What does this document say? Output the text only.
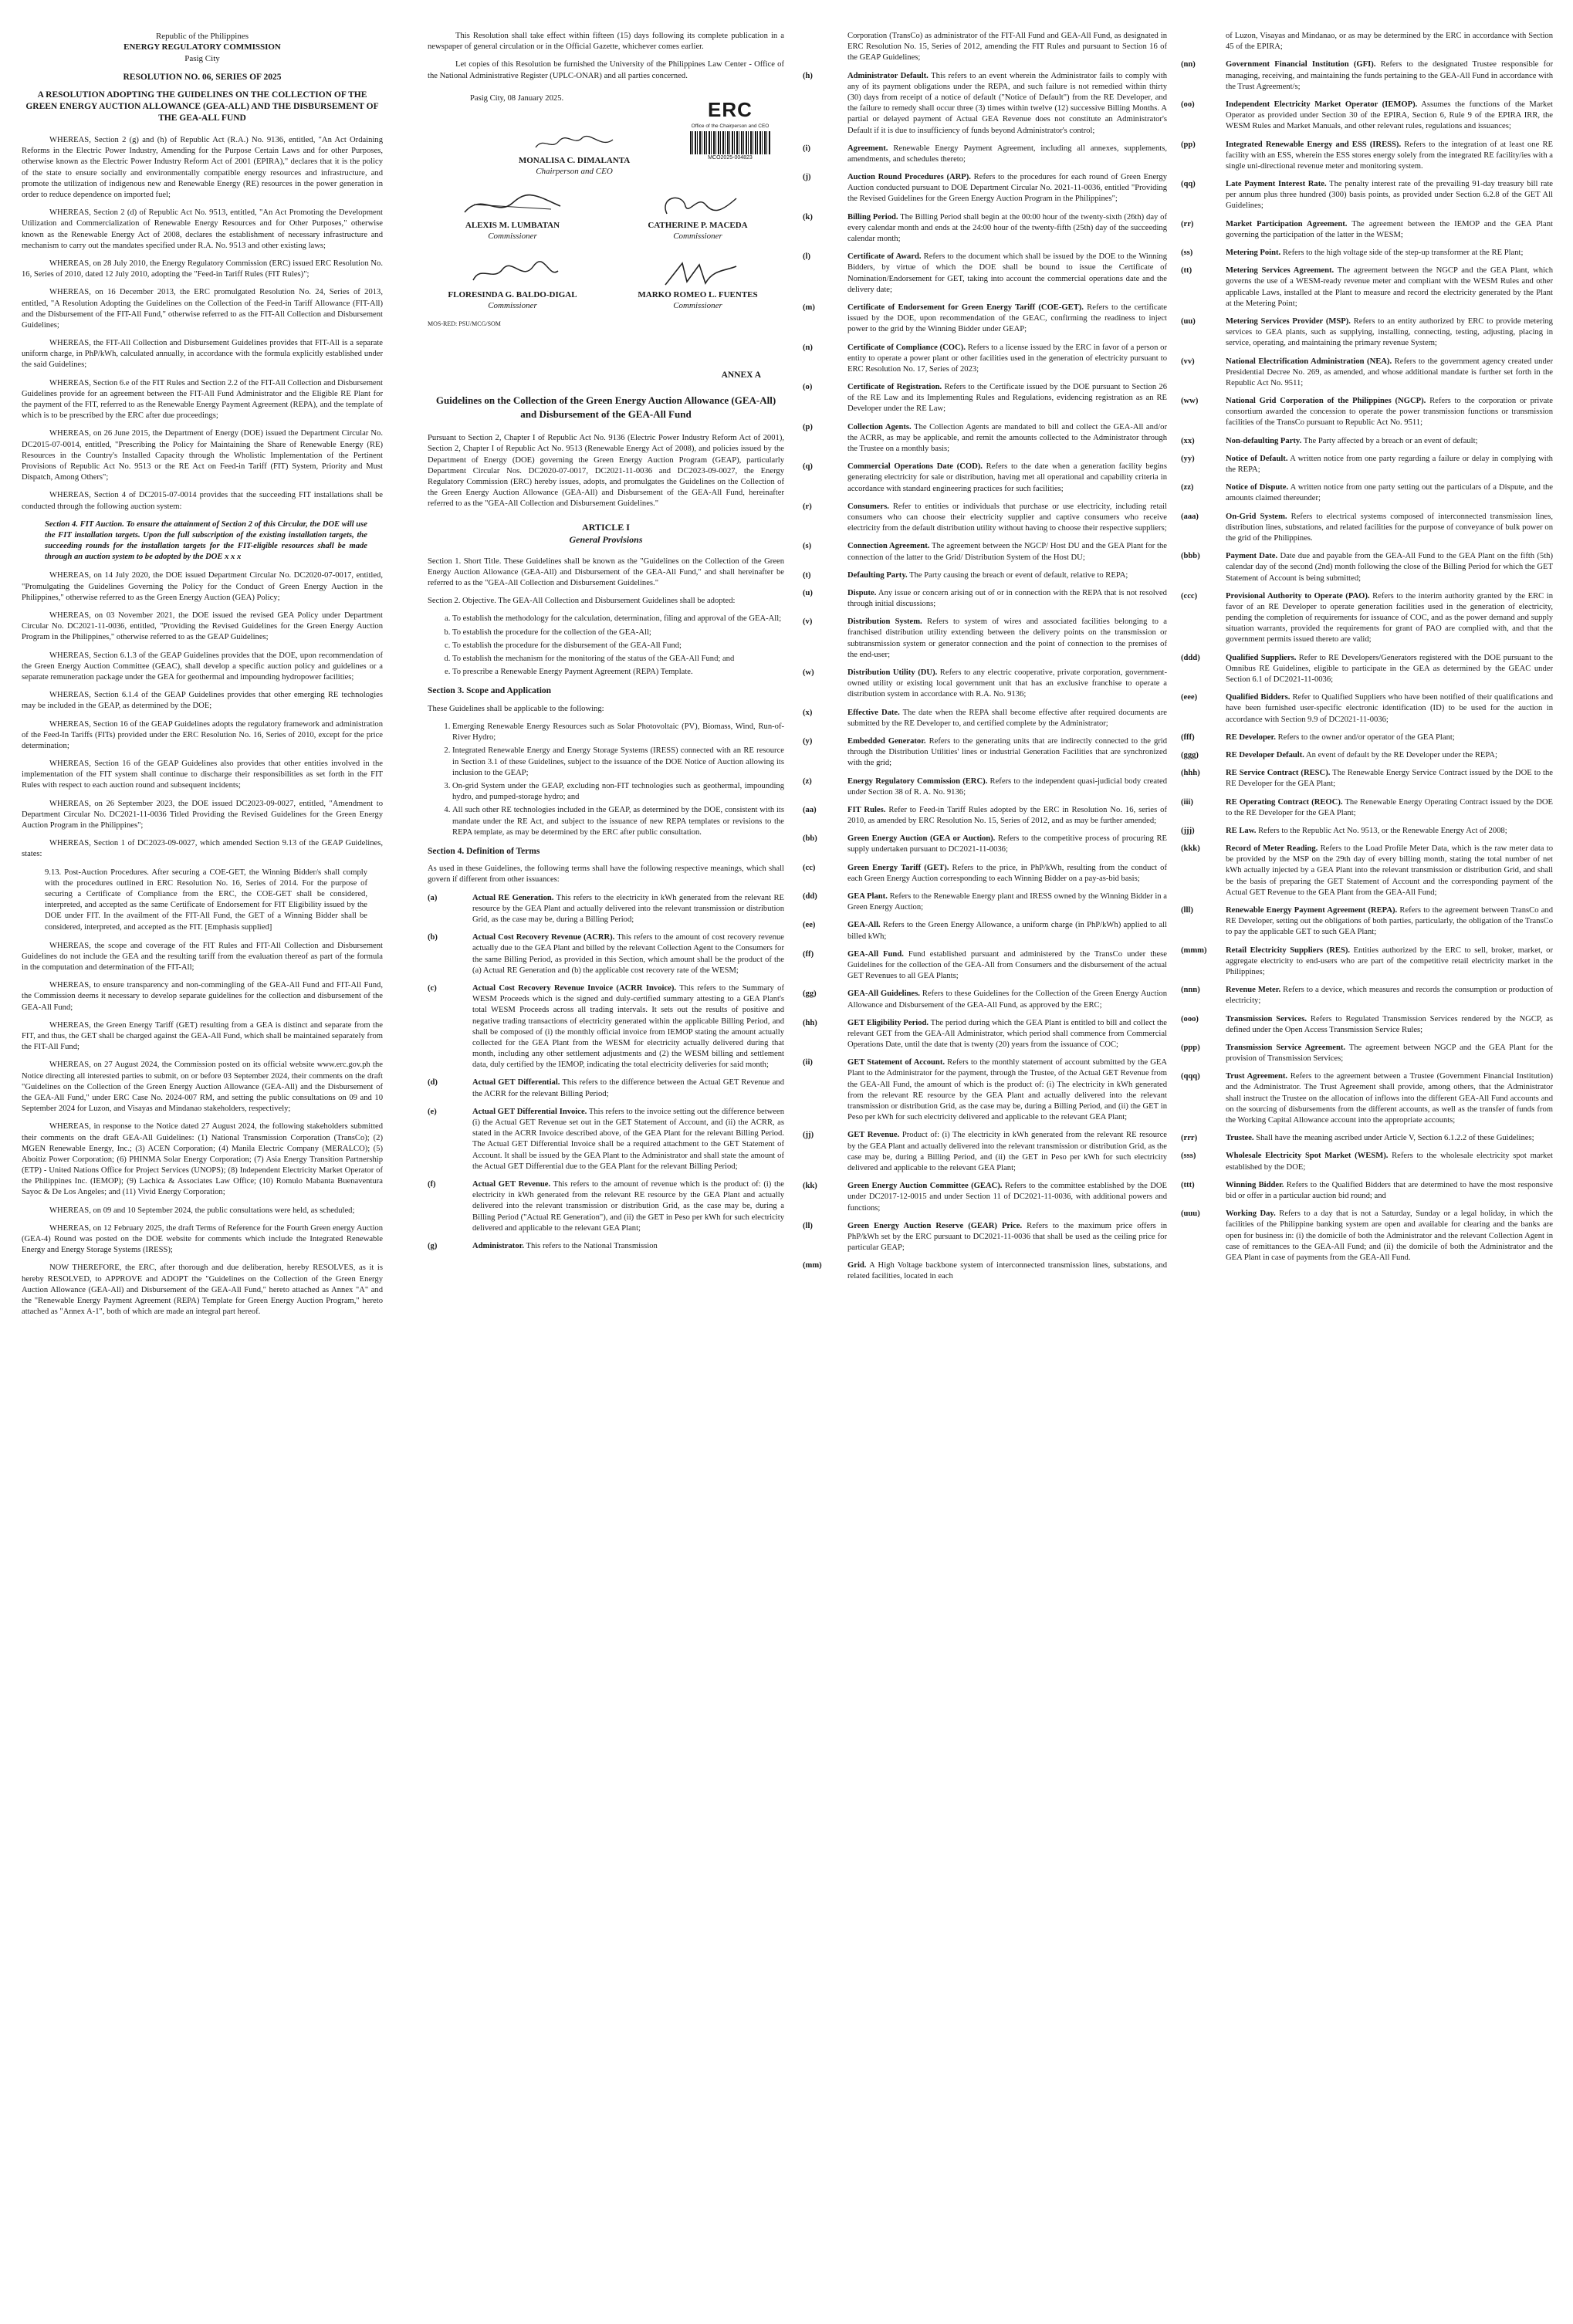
Republic of the Philippines
ENERGY REGULATORY COMMISSION
Pasig City
RESOLUTION NO. 06, SERIES OF 2025
A RESOLUTION ADOPTING THE GUIDELINES ON THE COLLECTION OF THE GREEN ENERGY AUCTION ALLOWANCE (GEA-ALL) AND THE DISBURSEMENT OF THE GEA-ALL FUND

WHEREAS, Section 2 (g) and (h) of Republic Act (R.A.) No. 9136, entitled, "An Act Ordaining Reforms in the Electric Power Industry, Amending for the Purpose Certain Laws and for other Purposes, otherwise known as the Electric Power Industry Reform Act of 2001 (EPIRA)," declares that it is the policy of the state to ensure socially and environmentally compatible energy resources and infrastructure, and promote the utilization of indigenous new and Renewable Energy (RE) resources in the power generation in order to reduce dependence on imported fuel;

WHEREAS, Section 2 (d) of Republic Act No. 9513, entitled, "An Act Promoting the Development Utilization and Commercialization of Renewable Energy Resources and for Other Purposes," otherwise known as the Renewable Energy Act of 2008, declares the establishment of necessary infrastructure and mechanism to carry out the mandates specified under R.A. No. 9513 and other existing laws;

WHEREAS, on 28 July 2010, the Energy Regulatory Commission (ERC) issued ERC Resolution No. 16, Series of 2010, dated 12 July 2010, adopting the "Feed-in Tariff Rules (FIT Rules)";

WHEREAS, on 16 December 2013, the ERC promulgated Resolution No. 24, Series of 2013, entitled, "A Resolution Adopting the Guidelines on the Collection of the Feed-in Tariff Allowance (FIT-All) and the Disbursement of the FIT-All Fund," otherwise referred to as the FIT-All Collection and Disbursement Guidelines;

WHEREAS, the FIT-All Collection and Disbursement Guidelines provides that FIT-All is a separate uniform charge, in PhP/kWh, calculated annually, in accordance with the formula explicitly established under the said Guidelines;

WHEREAS, Section 6.e of the FIT Rules and Section 2.2 of the FIT-All Collection and Disbursement Guidelines provide for an agreement between the FIT-All Fund Administrator and the Eligible RE Plant for the payment of the FIT, referred to as the Renewable Energy Payment Agreement (REPA), and the template of which is to be prescribed by the ERC after due proceedings;

WHEREAS, on 26 June 2015, the Department of Energy (DOE) issued the Department Circular No. DC2015-07-0014, entitled, "Prescribing the Policy for Maintaining the Share of Renewable Energy (RE) Resources in the Country's Installed Capacity through the Wholistic Implementation of the Pertinent Provisions of Republic Act No. 9513 or the RE Act on Feed-in Tariff (FIT) System, Priority and Must Dispatch, Among Others";

WHEREAS, Section 4 of DC2015-07-0014 provides that the succeeding FIT installations shall be conducted through the following auction system:

Section 4. FIT Auction. To ensure the attainment of Section 2 of this Circular, the DOE will use the FIT installation targets. Upon the full subscription of the existing installation targets, the succeeding rounds for the installation targets for the FIT-eligible resources shall be made through an auction system to be adopted by the DOE x x x

WHEREAS, on 14 July 2020, the DOE issued Department Circular No. DC2020-07-0017, entitled, "Promulgating the Guidelines Governing the Policy for the Conduct of Green Energy Auction in the Philippines," otherwise referred to as the Green Energy Auction (GEA) Policy;

WHEREAS, on 03 November 2021, the DOE issued the revised GEA Policy under Department Circular No. DC2021-11-0036, entitled, "Providing the Revised Guidelines for the Green Energy Auction Program in the Philippines," otherwise referred to as the GEAP Guidelines;

WHEREAS, Section 6.1.3 of the GEAP Guidelines provides that the DOE, upon recommendation of the Green Energy Auction Committee (GEAC), shall develop a specific auction policy and guidelines or a separate remuneration package under the GEA for geothermal and impounding hydropower facilities;

WHEREAS, Section 6.1.4 of the GEAP Guidelines provides that other emerging RE technologies may be included in the GEAP, as determined by the DOE;

WHEREAS, Section 16 of the GEAP Guidelines adopts the regulatory framework and administration of the Feed-In Tariffs (FITs) provided under the ERC Resolution No. 16, Series of 2010, except for the price determination;

WHEREAS, Section 16 of the GEAP Guidelines also provides that other entities involved in the implementation of the FIT system shall continue to discharge their responsibilities as set forth in the FIT Rules with respect to each auction round and subsequent incidents;

WHEREAS, on 26 September 2023, the DOE issued DC2023-09-0027, entitled, "Amendment to Department Circular No. DC2021-11-0036 Titled Providing the Revised Guidelines for the Green Energy Auction Program in the Philippines";

WHEREAS, Section 1 of DC2023-09-0027, which amended Section 9.13 of the GEAP Guidelines, states:

9.13. Post-Auction Procedures. After securing a COE-GET, the Winning Bidder/s shall comply with the procedures outlined in ERC Resolution No. 16, Series of 2014. For the purpose of securing a Certificate of Compliance from the ERC, the COE-GET shall be considered, interpreted, and accepted as the same Certificate of Endorsement for FIT Eligibility issued by the DOE under FIT. In the availment of the FIT-All Fund, the GET of a Winning Bidder shall be considered, interpreted, and accepted as the FIT. [Emphasis supplied]

WHEREAS, the scope and coverage of the FIT Rules and FIT-All Collection and Disbursement Guidelines do not include the GEA and the resulting tariff from the evaluation thereof as part of the formula in the computation and determination of the FIT-All;

WHEREAS, to ensure transparency and non-commingling of the GEA-All Fund and FIT-All Fund, the Commission deems it necessary to develop separate guidelines for the collection and disbursement of the GEA-All Fund;

WHEREAS, the Green Energy Tariff (GET) resulting from a GEA is distinct and separate from the FIT, and thus, the GET shall be charged against the GEA-All Fund, which shall be maintained separately from the FIT-All Fund;

WHEREAS, on 27 August 2024, the Commission posted on its official website www.erc.gov.ph the Notice directing all interested parties to submit, on or before 03 September 2024, their comments on the draft "Guidelines on the Collection of the Green Energy Auction Allowance (GEA-All) and the Disbursement of the GEA-All Fund," under ERC Case No. 2024-007 RM, and setting the public consultations on 09 and 10 September 2024 for Luzon, and Visayas and Mindanao stakeholders, respectively;

WHEREAS, in response to the Notice dated 27 August 2024, the following stakeholders submitted their comments on the draft GEA-All Guidelines: (1) National Transmission Corporation (TransCo); (2) MGEN Renewable Energy, Inc.; (3) ACEN Corporation; (4) Manila Electric Company (MERALCO); (5) Aboitiz Power Corporation; (6) PHINMA Solar Energy Corporation; (7) Asia Energy Transition Partnership (ETP) - United Nations Office for Project Services (UNOPS); (8) Independent Electricity Market Operator of the Philippines Inc. (IEMOP); (9) Lachica & Associates Law Office; (10) Romulo Mabanta Buenaventura Sayoc & De Los Angeles; and (11) Vivid Energy Corporation;

WHEREAS, on 09 and 10 September 2024, the public consultations were held, as scheduled;

WHEREAS, on 12 February 2025, the draft Terms of Reference for the Fourth Green energy Auction (GEA-4) Round was posted on the DOE website for comments which include the Integrated Renewable Energy and Energy Storage Systems (IRESS);

NOW THEREFORE, the ERC, after thorough and due deliberation, hereby RESOLVES, as it is hereby RESOLVED, to APPROVE and ADOPT the "Guidelines on the Collection of the Green Energy Auction Allowance (GEA-All) and Disbursement of the GEA-All Fund," hereto attached as Annex "A" and the "Renewable Energy Payment Agreement (REPA) Template for Green Energy Auction Program," hereto attached as "Annex A-1", both of which are made an integral part hereof.

This Resolution shall take effect within fifteen (15) days following its complete publication in a newspaper of general circulation or in the Official Gazette, whichever comes earlier.

Let copies of this Resolution be furnished the University of the Philippines Law Center - Office of the National Administrative Register (UPLC-ONAR) and all parties concerned.

Pasig City, 08 January 2025.	ERC
Office of the Chairperson and CEO
MCO2025-004823
MONALISA C. DIMALANTA
Chairperson and CEO
ALEXIS M. LUMBATAN
Commissioner
CATHERINE P. MACEDA
Commissioner
FLORESINDA G. BALDO-DIGAL
Commissioner
MARKO ROMEO L. FUENTES
Commissioner
MOS-RED: PSU/MCG/SOM
ANNEX A
Guidelines on the Collection of the Green Energy Auction Allowance (GEA-All) and Disbursement of the GEA-All Fund

Pursuant to Section 2, Chapter I of Republic Act No. 9136 (Electric Power Industry Reform Act of 2001), Section 2, Chapter I of Republic Act No. 9513 (Renewable Energy Act of 2008), and policies issued by the Department of Energy (DOE) governing the Green Energy Auction Program (GEAP), particularly Department Circular Nos. DC2020-07-0017, DC2021-11-0036 and DC2023-09-0027, the Energy Regulatory Commission (ERC) hereby issues, adopts, and promulgates the Guidelines on the Collection of the Green Energy Auction Allowance (GEA-All) and Disbursement of the GEA-All Fund, hereinafter referred to as the "GEA-All Collection and Disbursement Guidelines."

ARTICLE I
General Provisions

Section 1. Short Title. These Guidelines shall be known as the "Guidelines on the Collection of the Green Energy Auction Allowance (GEA-All) and Disbursement of the GEA-All Fund," and shall hereinafter be referred to as the "GEA-All Collection and Disbursement Guidelines."

Section 2. Objective. The GEA-All Collection and Disbursement Guidelines shall be adopted:

a. To establish the methodology for the calculation, determination, filing and approval of the GEA-All;
b. To establish the procedure for the collection of the GEA-All;
c. To establish the procedure for the disbursement of the GEA-All Fund;
d. To establish the mechanism for the monitoring of the status of the GEA-All Fund; and
e. To prescribe a Renewable Energy Payment Agreement (REPA) Template.
Section 3. Scope and Application

These Guidelines shall be applicable to the following:

1. Emerging Renewable Energy Resources such as Solar Photovoltaic (PV), Biomass, Wind, Run-of-River Hydro;
2. Integrated Renewable Energy and Energy Storage Systems (IRESS) connected with an RE resource in Section 3.1 of these Guidelines, subject to the issuance of the DOE Notice of Auction allowing its inclusion to the GEAP;
3. On-grid System under the GEAP, excluding non-FIT technologies such as geothermal, impounding hydro, and pumped-storage hydro; and
4. All such other RE technologies included in the GEAP, as determined by the DOE, consistent with its mandate under the RE Act, and subject to the issuance of new REPA templates or revisions to the REPA template, as may be determined by the ERC after public consultation.
Section 4. Definition of Terms

As used in these Guidelines, the following terms shall have the following respective meanings, which shall govern if different from other issuances:

(a)	Actual RE Generation. This refers to the electricity in kWh generated from the relevant RE resource by the GEA Plant and actually delivered into the relevant transmission or distribution Grid, as the case may be, during a Billing Period;
(b)	Actual Cost Recovery Revenue (ACRR). This refers to the amount of cost recovery revenue actually due to the GEA Plant and billed by the relevant Collection Agent to the Consumers for the same Billing Period, as provided in this Section, which amount shall be the product of the (a) Actual RE Generation and (b) the applicable cost recovery rate of the WESM;
(c)	Actual Cost Recovery Revenue Invoice (ACRR Invoice). This refers to the Summary of WESM Proceeds which is the signed and duly-certified summary attesting to a GEA Plant's total WESM Proceeds across all trading intervals. It sets out the results of positive and negative trading transactions of electricity generated within the applicable Billing Period, and shall be composed of (i) the monthly official invoice from IEMOP stating the amount actually collected for the GEA Plant from the WESM for electricity actually delivered during that month, including any other settlement adjustments and (2) the WESM billing and settlement data, duly certified by the IEMOP, indicating the total electricity deliveries for said month;
(d)	Actual GET Differential. This refers to the difference between the Actual GET Revenue and the ACRR for the relevant Billing Period;
(e)	Actual GET Differential Invoice. This refers to the invoice setting out the difference between (i) the Actual GET Revenue set out in the GET Statement of Account, and (ii) the ACRR, as stated in the ACRR Invoice described above, of the GEA Plant for the relevant Billing Period. The Actual GET Differential Invoice shall be a required attachment to the GET Statement of Account. It shall be issued by the GEA Plant to the Administrator and shall state the amount of the Actual GET Differential due to the GEA Plant for the relevant Billing Period;
(f)	Actual GET Revenue. This refers to the amount of revenue which is the product of: (i) the electricity in kWh generated from the relevant RE resource by the GEA Plant and actually delivered into the relevant transmission or distribution Grid, as the case may be, during a Billing Period ("Actual RE Generation"), and (ii) the GET in Peso per kWh for such electricity delivered and applicable to the relevant GEA Plant;
(g)	Administrator. This refers to the National Transmission

Corporation (TransCo) as administrator of the FIT-All Fund and GEA-All Fund, as designated in ERC Resolution No. 15, Series of 2012, amending the FIT Rules and pursuant to Section 16 of the GEAP Guidelines;

(h)	Administrator Default. This refers to an event wherein the Administrator fails to comply with any of its payment obligations under the REPA, and such failure is not remedied within thirty (30) days from receipt of a notice of default ("Notice of Default") from the RE Developer, and the failure to remedy shall occur three (3) times within twelve (12) successive Billing Months. A partial or delayed payment of Actual GEA Revenue does not constitute an Administrator's Default if it is due to insufficiency of funds beyond Administrator's control;
(i)	Agreement. Renewable Energy Payment Agreement, including all annexes, supplements, amendments, and schedules thereto;
(j)	Auction Round Procedures (ARP). Refers to the procedures for each round of Green Energy Auction conducted pursuant to DOE Department Circular No. 2021-11-0036, entitled "Providing the Revised Guidelines for the Green Energy Auction Program in the Philippines";
(k)	Billing Period. The Billing Period shall begin at the 00:00 hour of the twenty-sixth (26th) day of every calendar month and ends at the 24:00 hour of the twenty-fifth (25th) day of the succeeding calendar month;
(l)	Certificate of Award. Refers to the document which shall be issued by the DOE to the Winning Bidders, by virtue of which the DOE shall be bound to issue the Certificate of Nomination/Endorsement for GET, taking into account the commercial operations date and the delivery date;
(m)	Certificate of Endorsement for Green Energy Tariff (COE-GET). Refers to the certificate issued by the DOE, upon recommendation of the GEAC, confirming the readiness to inject power to the grid by the Winning Bidder under GEAP;
(n)	Certificate of Compliance (COC). Refers to a license issued by the ERC in favor of a person or entity to operate a power plant or other facilities used in the generation of electricity pursuant to ERC Resolution No. 17, Series of 2023;
(o)	Certificate of Registration. Refers to the Certificate issued by the DOE pursuant to Section 26 of the RE Law and its Implementing Rules and Regulations, evidencing registration as an RE Developer under the RE Law;
(p)	Collection Agents. The Collection Agents are mandated to bill and collect the GEA-All and/or the ACRR, as may be applicable, and remit the amounts collected to the Administrator through the Trustee on a monthly basis;
(q)	Commercial Operations Date (COD). Refers to the date when a generation facility begins generating electricity for sale or distribution, having met all operational and capability criteria in accordance with standard engineering practices for such facilities;
(r)	Consumers. Refer to entities or individuals that purchase or use electricity, including retail consumers who can choose their electricity supplier and captive consumers who receive electricity from the default distribution utility without having to choose their respective suppliers;
(s)	Connection Agreement. The agreement between the NGCP/ Host DU and the GEA Plant for the connection of the latter to the Grid/ Distribution System of the Host DU;
(t)	Defaulting Party. The Party causing the breach or event of default, relative to REPA;
(u)	Dispute. Any issue or concern arising out of or in connection with the REPA that is not resolved through initial discussions;
(v)	Distribution System. Refers to system of wires and associated facilities belonging to a franchised distribution utility extending between the delivery points on the transmission or subtransmission system or generator connection and the point of connection to the premises of the end-user;
(w)	Distribution Utility (DU). Refers to any electric cooperative, private corporation, government-owned utility or existing local government unit that has an exclusive franchise to operate a distribution system in accordance with R.A. No. 9136;
(x)	Effective Date. The date when the REPA shall become effective after required documents are submitted by the RE Developer to, and certified complete by the Administrator;
(y)	Embedded Generator. Refers to the generating units that are indirectly connected to the grid through the Distribution Utilities' lines or industrial Generation Facilities that are synchronized with the grid;
(z)	Energy Regulatory Commission (ERC). Refers to the independent quasi-judicial body created under Section 38 of R. A. No. 9136;
(aa)	FIT Rules. Refer to Feed-in Tariff Rules adopted by the ERC in Resolution No. 16, series of 2010, as amended by ERC Resolution No. 15, Series of 2012, and as may be further amended;
(bb)	Green Energy Auction (GEA or Auction). Refers to the competitive process of procuring RE supply undertaken pursuant to DC2021-11-0036;
(cc)	Green Energy Tariff (GET). Refers to the price, in PhP/kWh, resulting from the conduct of each Green Energy Auction corresponding to each Winning Bidder on a pay-as-bid basis;
(dd)	GEA Plant. Refers to the Renewable Energy plant and IRESS owned by the Winning Bidder in a Green Energy Auction;
(ee)	GEA-All. Refers to the Green Energy Allowance, a uniform charge (in PhP/kWh) applied to all billed kWh;
(ff)	GEA-All Fund. Fund established pursuant and administered by the TransCo under these Guidelines for the collection of the GEA-All from Consumers and the disbursement of the actual GET Revenues to all GEA Plants;
(gg)	GEA-All Guidelines. Refers to these Guidelines for the Collection of the Green Energy Auction Allowance and Disbursement of the GEA-All Fund, as approved by the ERC;
(hh)	GET Eligibility Period. The period during which the GEA Plant is entitled to bill and collect the relevant GET from the GEA-All Administrator, which period shall commence from Commercial Operations Date, until the date that is twenty (20) years from the issuance of COC;
(ii)	GET Statement of Account. Refers to the monthly statement of account submitted by the GEA Plant to the Administrator for the payment, through the Trustee, of the Actual GET Revenue from the GEA-All Fund, the amount of which is the product of: (i) The electricity in kWh generated from the relevant RE resource by the GEA Plant and actually delivered into the relevant transmission or distribution Grid, as the case may be, during a Billing Period, and (ii) the GET in Peso per kWh for such electricity delivered and applicable to the relevant GEA Plant;
(jj)	GET Revenue. Product of: (i) The electricity in kWh generated from the relevant RE resource by the GEA Plant and actually delivered into the relevant transmission or distribution Grid, as the case may be, during a Billing Period, and (ii) the GET in Peso per kWh for such electricity delivered and applicable to the relevant GEA Plant;
(kk)	Green Energy Auction Committee (GEAC). Refers to the committee established by the DOE under DC2017-12-0015 and under Section 11 of DC2021-11-0036, with additional powers and functions;
(ll)	Green Energy Auction Reserve (GEAR) Price. Refers to the maximum price offers in PhP/kWh set by the ERC pursuant to DC2021-11-0036 that shall be used as the ceiling price for particular GEAP;
(mm)	Grid. A High Voltage backbone system of interconnected transmission lines, substations, and related facilities, located in each

of Luzon, Visayas and Mindanao, or as may be determined by the ERC in accordance with Section 45 of the EPIRA;

(nn)	Government Financial Institution (GFI). Refers to the designated Trustee responsible for managing, receiving, and maintaining the funds pertaining to the GEA-All Fund in accordance with the Trust Agreement/s;
(oo)	Independent Electricity Market Operator (IEMOP). Assumes the functions of the Market Operator as provided under Section 30 of the EPIRA, Section 6, Rule 9 of the EPIRA IRR, the WESM Rules and Market Manuals, and other relevant rules, regulations and issuances;
(pp)	Integrated Renewable Energy and ESS (IRESS). Refers to the integration of at least one RE facility with an ESS, wherein the ESS stores energy solely from the integrated RE facility/ies with a single uni-directional revenue meter and monitoring system.
(qq)	Late Payment Interest Rate. The penalty interest rate of the prevailing 91-day treasury bill rate per annum plus three hundred (300) basis points, as provided under Section 6.2.8 of the GET All Guidelines;
(rr)	Market Participation Agreement. The agreement between the IEMOP and the GEA Plant governing the participation of the latter in the WESM;
(ss)	Metering Point. Refers to the high voltage side of the step-up transformer at the RE Plant;
(tt)	Metering Services Agreement. The agreement between the NGCP and the GEA Plant, which governs the use of a WESM-ready revenue meter and compliant with the WESM Rules and other applicable Laws, installed at the Plant to measure and record the electricity generated by the Plant at the Metering Point;
(uu)	Metering Services Provider (MSP). Refers to an entity authorized by ERC to provide metering services to GEA plants, such as supplying, installing, connecting, testing, adjusting, placing in service, operating, and maintaining the primary revenue System;
(vv)	National Electrification Administration (NEA). Refers to the government agency created under Presidential Decree No. 269, as amended, and whose additional mandate is further set forth in the Republic Act No. 9511;
(ww)	National Grid Corporation of the Philippines (NGCP). Refers to the corporation or private consortium awarded the concession to operate the power transmission functions or transmission facilities of the TransCo pursuant to Republic Act No. 9511;
(xx)	Non-defaulting Party. The Party affected by a breach or an event of default;
(yy)	Notice of Default. A written notice from one party regarding a failure or delay in complying with the REPA;
(zz)	Notice of Dispute. A written notice from one party setting out the particulars of a Dispute, and the amounts claimed thereunder;
(aaa)	On-Grid System. Refers to electrical systems composed of interconnected transmission lines, distribution lines, substations, and related facilities for the purpose of conveyance of bulk power on the grid of the Philippines.
(bbb)	Payment Date. Date due and payable from the GEA-All Fund to the GEA Plant on the fifth (5th) calendar day of the second (2nd) month following the close of the Billing Period for which the GET Statement of Account is being submitted;
(ccc)	Provisional Authority to Operate (PAO). Refers to the interim authority granted by the ERC in favor of an RE Developer to operate generation facilities used in the generation of electricity, pending the completion of requirements for issuance of COC, and as the power demand and supply situation warrants, provided the requirements for grant of PAO are complied with, and that the government permits issued thereto are valid;
(ddd)	Qualified Suppliers. Refer to RE Developers/Generators registered with the DOE pursuant to the Omnibus RE Guidelines, eligible to participate in the GEA as determined by the GEAC under Section 6.1 of DC2021-11-0036;
(eee)	Qualified Bidders. Refer to Qualified Suppliers who have been notified of their qualifications and have been furnished user-specific electronic identification (ID) to be used for the auction in accordance with Section 9.9 of DC2021-11-0036;
(fff)	RE Developer. Refers to the owner and/or operator of the GEA Plant;
(ggg)	RE Developer Default. An event of default by the RE Developer under the REPA;
(hhh)	RE Service Contract (RESC). The Renewable Energy Service Contract issued by the DOE to the RE Developer for the GEA Plant;
(iii)	RE Operating Contract (REOC). The Renewable Energy Operating Contract issued by the DOE to the RE Developer for the GEA Plant;
(jjj)	RE Law. Refers to the Republic Act No. 9513, or the Renewable Energy Act of 2008;
(kkk)	Record of Meter Reading. Refers to the Load Profile Meter Data, which is the raw meter data to be provided by the MSP on the 29th day of every billing month, stating the total number of net kWh actually injected by a GEA Plant into the relevant transmission or distribution Grid, and shall be the basis of preparing the GET Statement of Account and the corresponding payment of the Actual GET Revenue to the GEA Plant from the GEA-All Fund;
(lll)	Renewable Energy Payment Agreement (REPA). Refers to the agreement between TransCo and RE Developer, setting out the obligations of both parties, particularly, the obligation of the TransCo to pay the applicable GET to such GEA Plant;
(mmm)	Retail Electricity Suppliers (RES). Entities authorized by the ERC to sell, broker, market, or aggregate electricity to end-users who are part of the competitive retail electricity market in the Philippines;
(nnn)	Revenue Meter. Refers to a device, which measures and records the consumption or production of electricity;
(ooo)	Transmission Services. Refers to Regulated Transmission Services rendered by the NGCP, as defined under the Open Access Transmission Service Rules;
(ppp)	Transmission Service Agreement. The agreement between NGCP and the GEA Plant for the provision of Transmission Services;
(qqq)	Trust Agreement. Refers to the agreement between a Trustee (Government Financial Institution) and the Administrator. The Trust Agreement shall provide, among others, that the Administrator shall instruct the Trustee on the allocation of inflows into the different GEA-All Fund accounts and on the sourcing of disbursements from the different accounts, as well as the transfer of funds from the Working Capital Allowance account into the appropriate accounts;
(rrr)	Trustee. Shall have the meaning ascribed under Article V, Section 6.1.2.2 of these Guidelines;
(sss)	Wholesale Electricity Spot Market (WESM). Refers to the wholesale electricity spot market established by the DOE;
(ttt)	Winning Bidder. Refers to the Qualified Bidders that are determined to have the most responsive bid or offer in a particular auction bid round; and
(uuu)	Working Day. Refers to a day that is not a Saturday, Sunday or a legal holiday, in which the facilities of the Philippine banking system are open and available for clearing and the banks are open for business in: (i) the domicile of both the Administrator and the relevant Collection Agent in case of remittances to the GEA-All Fund; and (ii) the domicile of both the Administrator and the GEA Plant in case of payments from the GEA-All Fund.
